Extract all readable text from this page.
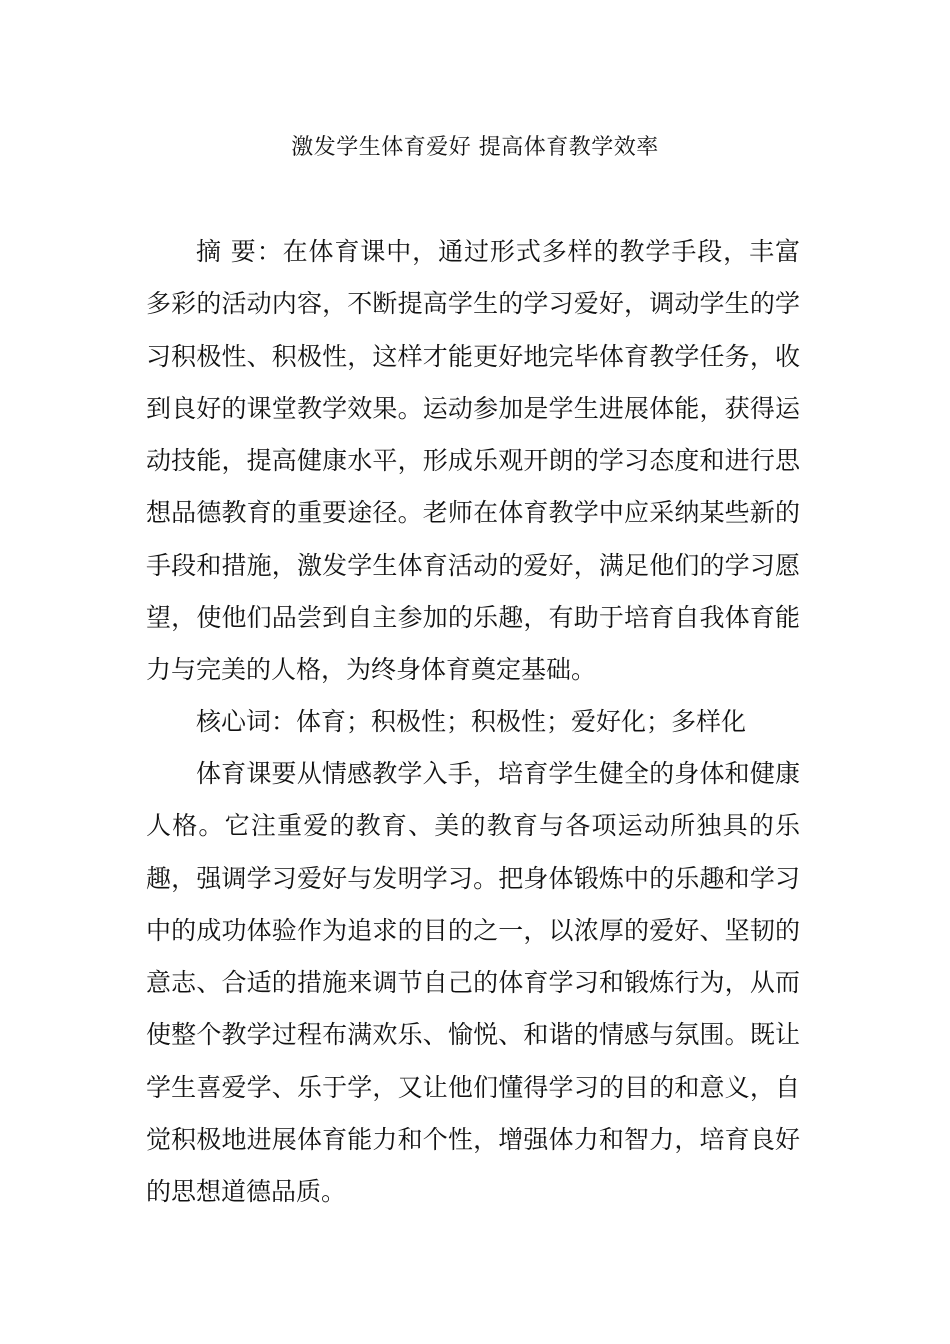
激发学生体育爱好 提高体育教学效率

摘 要：在体育课中，通过形式多样的教学手段，丰富多彩的活动内容，不断提高学生的学习爱好，调动学生的学习积极性、积极性，这样才能更好地完毕体育教学任务，收到良好的课堂教学效果。运动参加是学生进展体能，获得运动技能，提高健康水平，形成乐观开朗的学习态度和进行思想品德教育的重要途径。老师在体育教学中应采纳某些新的手段和措施，激发学生体育活动的爱好，满足他们的学习愿望，使他们品尝到自主参加的乐趣，有助于培育自我体育能力与完美的人格，为终身体育奠定基础。

核心词：体育；积极性；积极性；爱好化；多样化

体育课要从情感教学入手，培育学生健全的身体和健康人格。它注重爱的教育、美的教育与各项运动所独具的乐趣，强调学习爱好与发明学习。把身体锻炼中的乐趣和学习中的成功体验作为追求的目的之一，以浓厚的爱好、坚韧的意志、合适的措施来调节自己的体育学习和锻炼行为，从而使整个教学过程布满欢乐、愉悦、和谐的情感与氛围。既让学生喜爱学、乐于学，又让他们懂得学习的目的和意义，自觉积极地进展体育能力和个性，增强体力和智力，培育良好的思想道德品质。
